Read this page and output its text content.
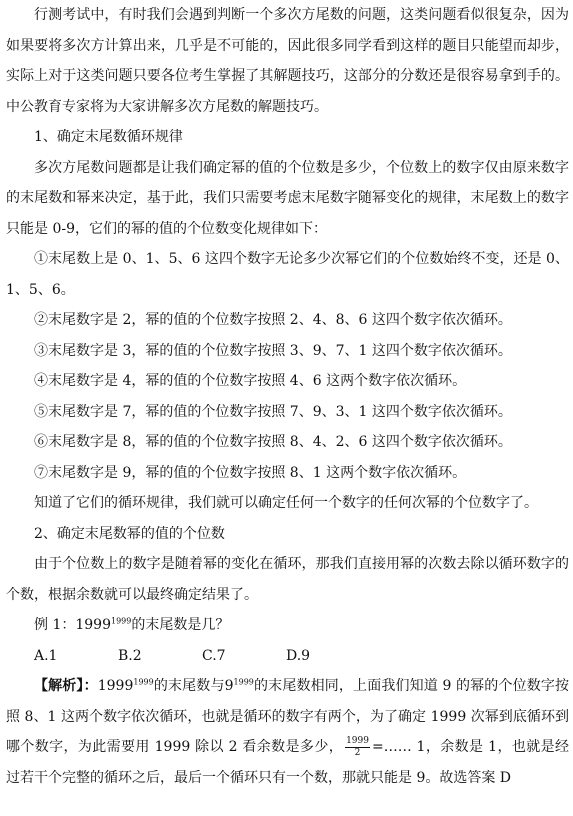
行测考试中，有时我们会遇到判断一个多次方尾数的问题，这类问题看似很复杂，因为如果要将多次方计算出来，几乎是不可能的，因此很多同学看到这样的题目只能望而却步，实际上对于这类问题只要各位考生掌握了其解题技巧，这部分的分数还是很容易拿到手的。中公教育专家将为大家讲解多次方尾数的解题技巧。

1、确定末尾数循环规律

多次方尾数问题都是让我们确定幂的值的个位数是多少，个位数上的数字仅由原来数字的末尾数和幂来决定，基于此，我们只需要考虑末尾数字随幂变化的规律，末尾数上的数字只能是 0-9，它们的幂的值的个位数变化规律如下：

①末尾数上是 0、1、5、6 这四个数字无论多少次幂它们的个位数始终不变，还是 0、1、5、6。

②末尾数字是 2，幂的值的个位数字按照 2、4、8、6 这四个数字依次循环。

③末尾数字是 3，幂的值的个位数字按照 3、9、7、1 这四个数字依次循环。

④末尾数字是 4，幂的值的个位数字按照 4、6 这两个数字依次循环。

⑤末尾数字是 7，幂的值的个位数字按照 7、9、3、1 这四个数字依次循环。

⑥末尾数字是 8，幂的值的个位数字按照 8、4、2、6 这四个数字依次循环。

⑦末尾数字是 9，幂的值的个位数字按照 8、1 这两个数字依次循环。

知道了它们的循环规律，我们就可以确定任何一个数字的任何次幂的个位数字了。

2、确定末尾数幂的值的个位数

由于个位数上的数字是随着幂的变化在循环，那我们直接用幂的次数去除以循环数字的个数，根据余数就可以最终确定结果了。

例 1：$1999^{1999}$的末尾数是几？

A.1	B.2	C.7	D.9

【解析】：$1999^{1999}$的末尾数与$9^{1999}$的末尾数相同，上面我们知道 9 的幂的个位数字按照 8、1 这两个数字依次循环，也就是循环的数字有两个，为了确定 1999 次幂到底循环到哪个数字，为此需要用 1999 除以 2 看余数是多少， $\frac{1999}{2}$ =…… 1，余数是 1，也就是经过若干个完整的循环之后，最后一个循环只有一个数，那就只能是 9。故选答案 D
